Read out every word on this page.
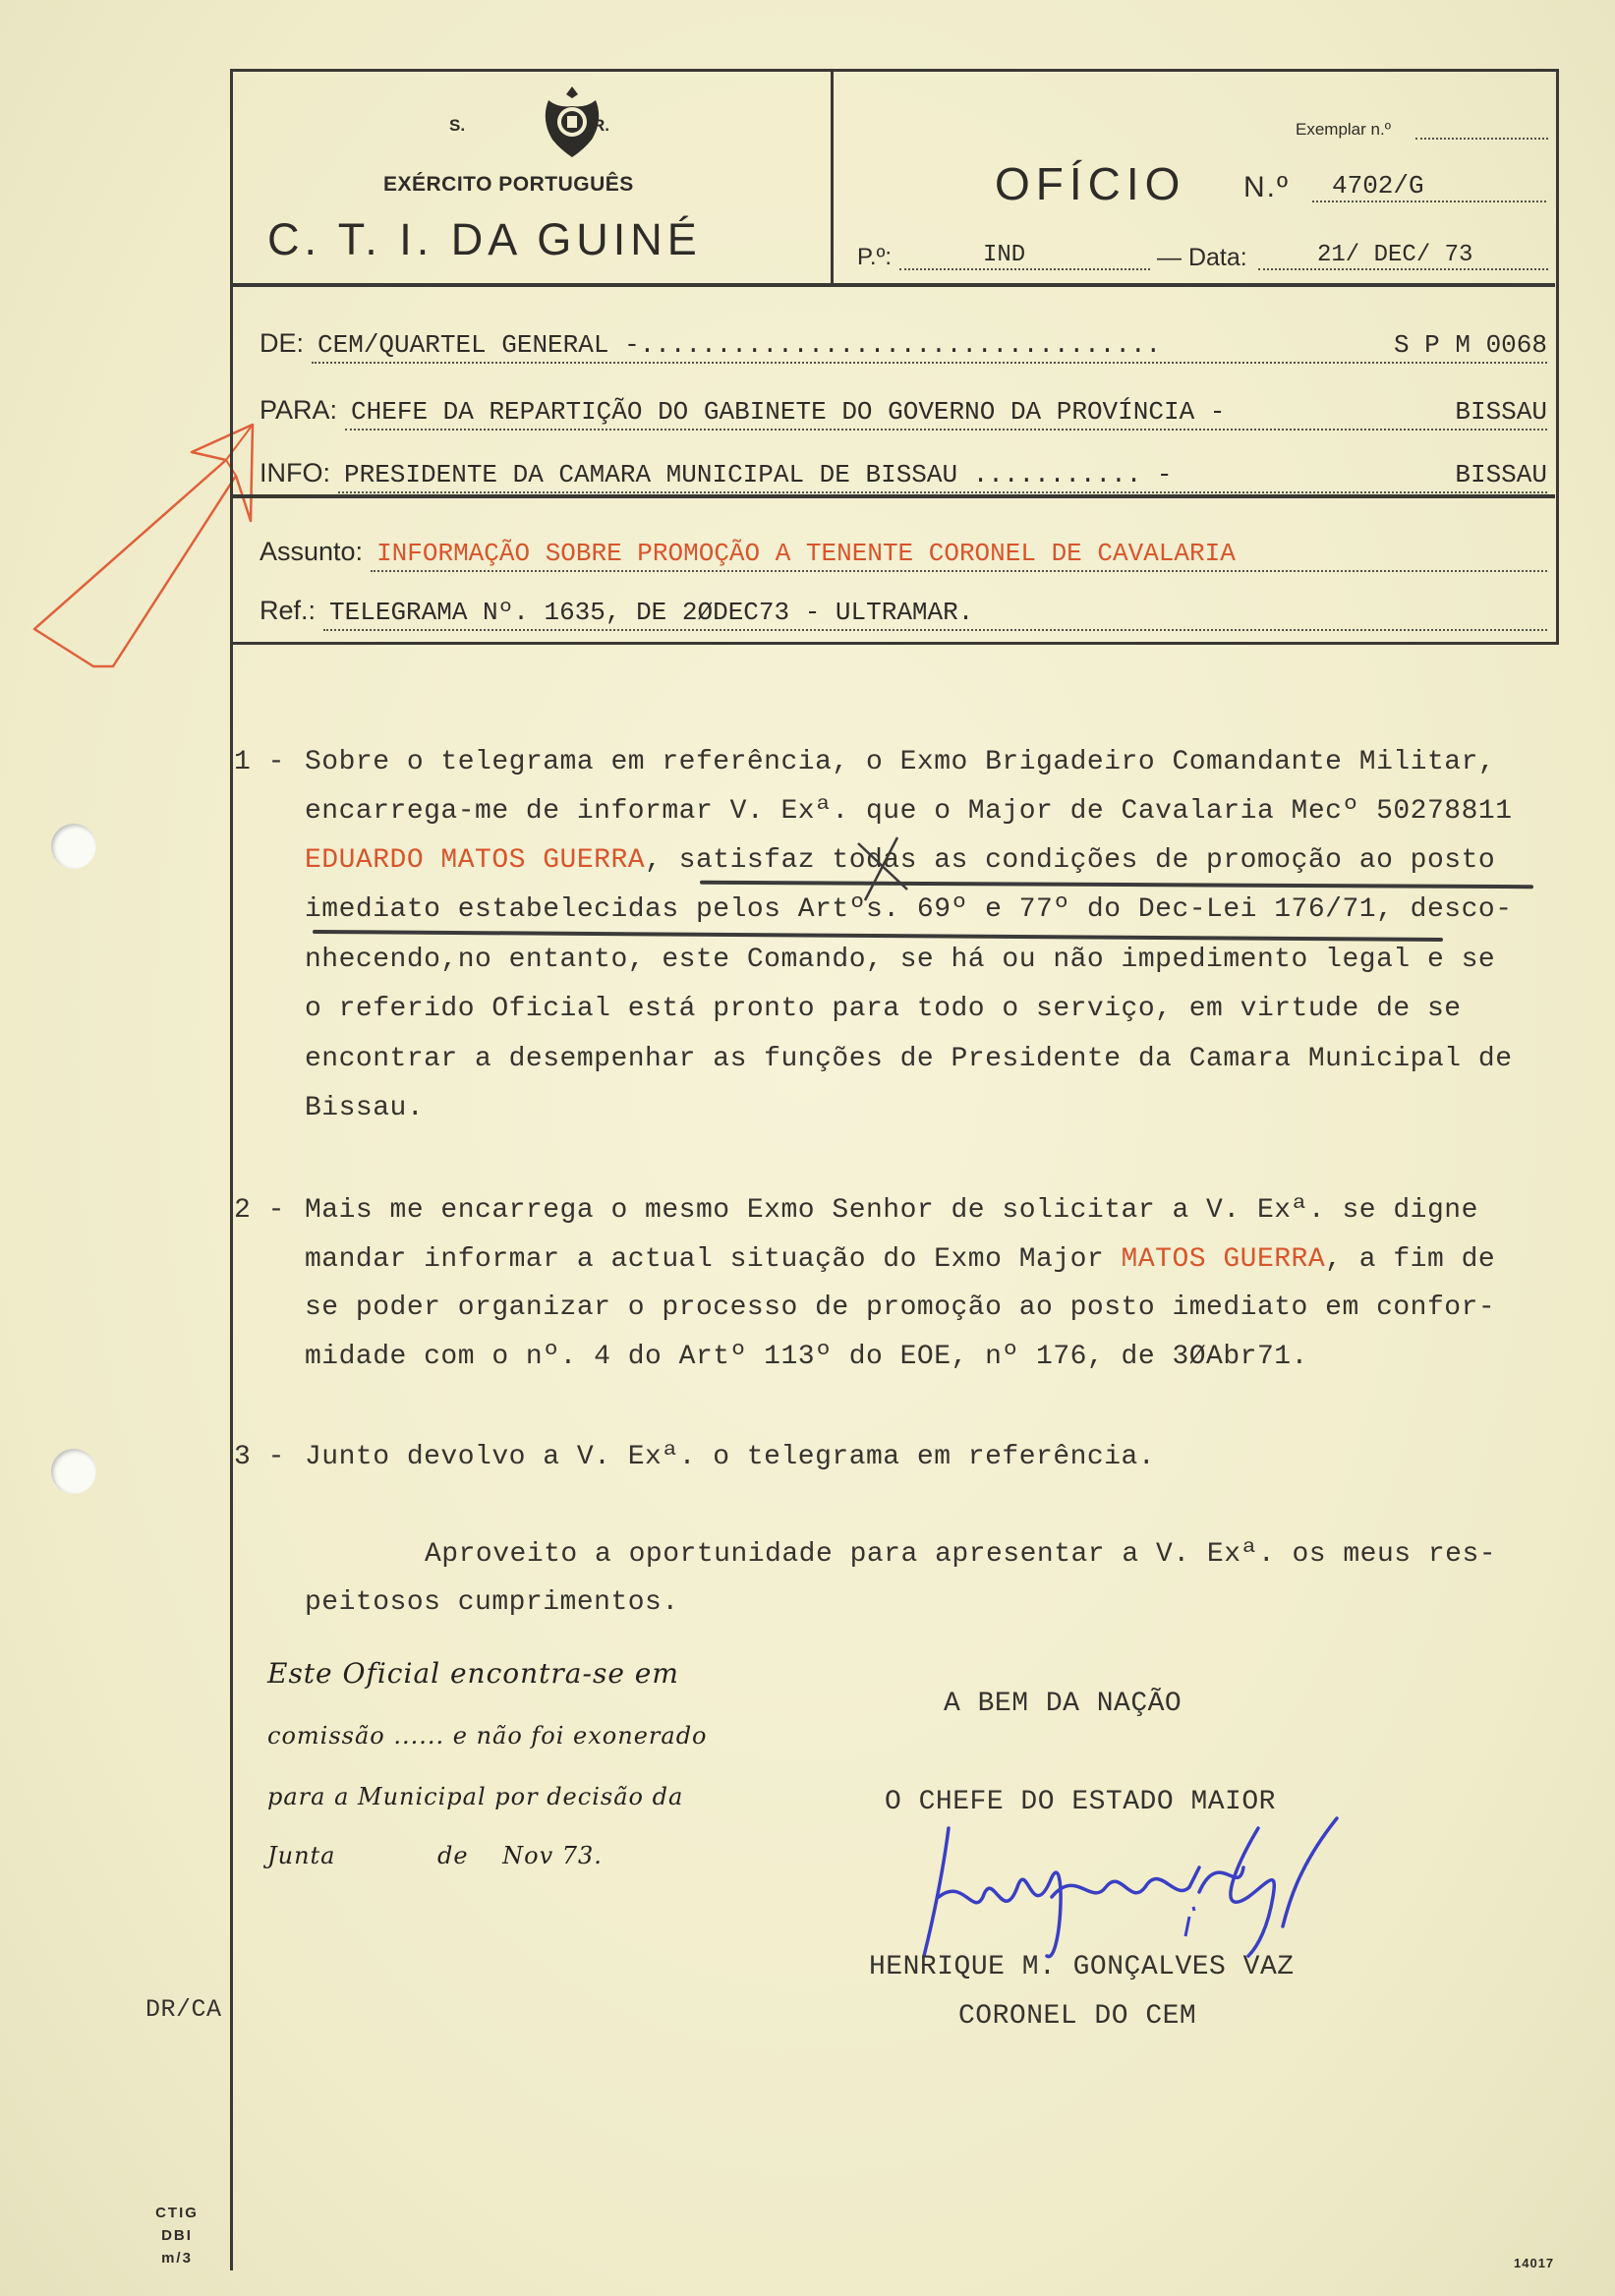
S.	R.
EXÉRCITO PORTUGUÊS
C. T. I. DA GUINÉ
Exemplar n.º
OFÍCIO N.º	4702/G
P.º:	IND	— Data:	21/ DEC/ 73
DE: CEM/QUARTEL GENERAL -..................................	S P M 0068
PARA: CHEFE DA REPARTIÇÃO DO GABINETE DO GOVERNO DA PROVÍNCIA -	BISSAU
INFO: PRESIDENTE DA CAMARA MUNICIPAL DE BISSAU ........... -	BISSAU
Assunto: INFORMAÇÃO SOBRE PROMOÇÃO A TENENTE CORONEL DE CAVALARIA
Ref.: TELEGRAMA Nº. 1635, DE 2ØDEC73 - ULTRAMAR.
1 - Sobre o telegrama em referência, o Exmo Brigadeiro Comandante Militar,
encarrega-me de informar V. Exª. que o Major de Cavalaria Mecº 50278811
EDUARDO MATOS GUERRA, satisfaz todas as condições de promoção ao posto
imediato estabelecidas pelos Artºs. 69º e 77º do Dec-Lei 176/71, desco-
nhecendo,no entanto, este Comando, se há ou não impedimento legal e se
o referido Oficial está pronto para todo o serviço, em virtude de se
encontrar a desempenhar as funções de Presidente da Camara Municipal de
Bissau.
2 - Mais me encarrega o mesmo Exmo Senhor de solicitar a V. Exª. se digne
mandar informar a actual situação do Exmo Major MATOS GUERRA, a fim de
se poder organizar o processo de promoção ao posto imediato em confor-
midade com o nº. 4 do Artº 113º do EOE, nº 176, de 3ØAbr71.
3 - Junto devolvo a V. Exª. o telegrama em referência.
Aproveito a oportunidade para apresentar a V. Exª. os meus res-
peitosos cumprimentos.
Este Oficial encontra-se em
comissão ...... e não foi exonerado
para a Municipal por decisão da
Junta            de    Nov 73.
A BEM DA NAÇÃO
O CHEFE DO ESTADO MAIOR
HENRIQUE M. GONÇALVES VAZ
CORONEL DO CEM
DR/CA
CTIG
DBI
m/3	14017
